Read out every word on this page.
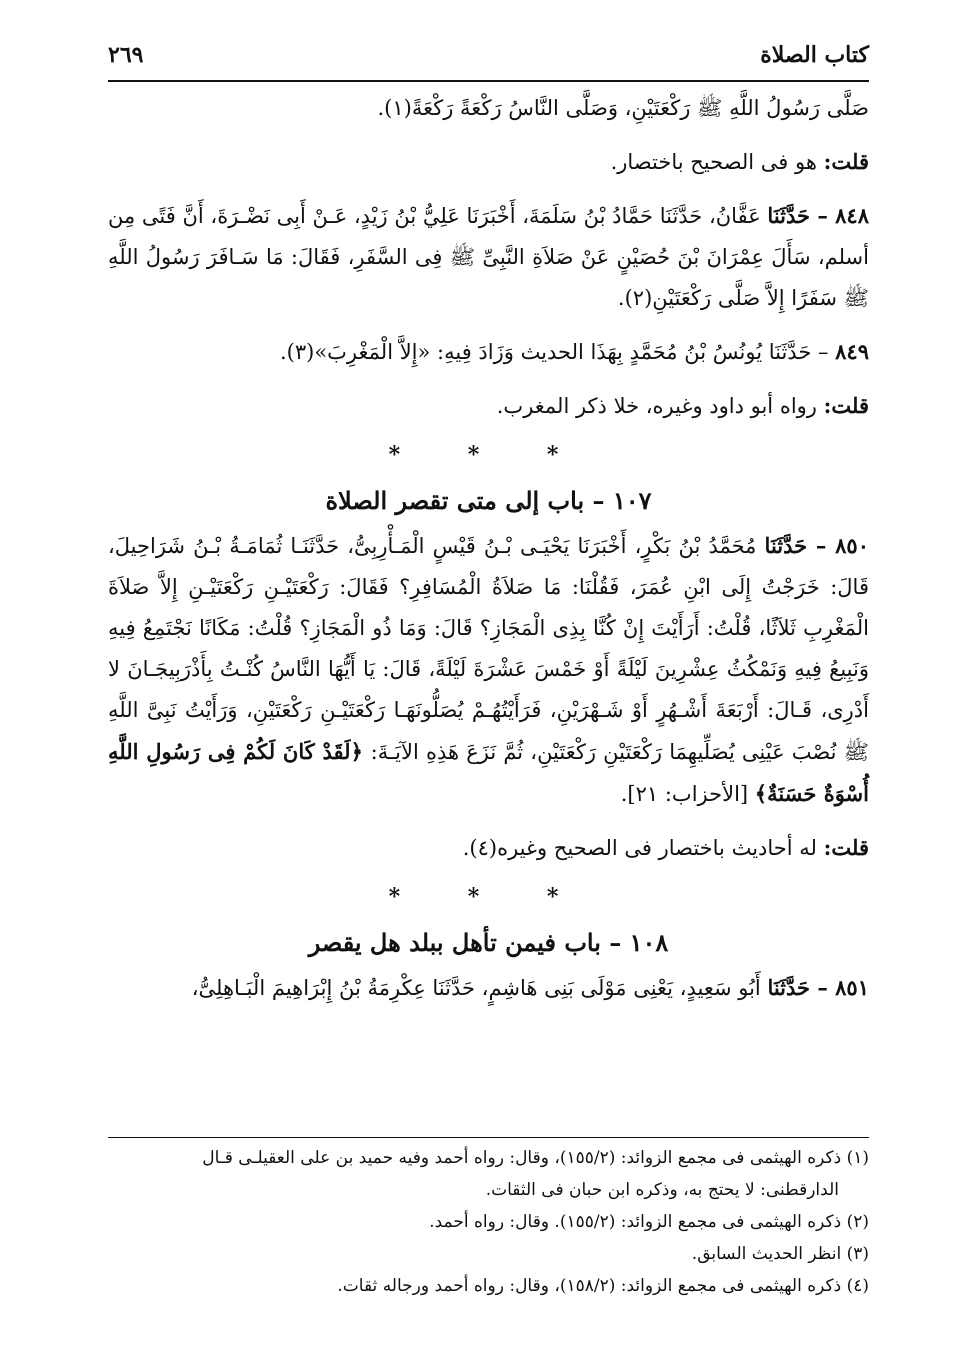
كتاب الصلاة
٢٦٩

صَلَّى رَسُولُ اللَّهِ ﷺ رَكْعَتَيْنِ، وَصَلَّى النَّاسُ رَكْعَةً رَكْعَةً(١).

قلت: هو فى الصحيح باختصار.

٨٤٨ – حَدَّثَنَا عَفَّانُ، حَدَّثَنَا حَمَّادُ بْنُ سَلَمَةَ، أَخْبَرَنَا عَلِيُّ بْنُ زَيْدٍ، عَـنْ أَبِى نَضْـرَةَ، أَنَّ فَتًى مِن أسلم، سَأَلَ عِمْرَانَ بْنَ حُصَيْنٍ عَنْ صَلاَةِ النَّبِىِّ ﷺ فِى السَّفَرِ، فَقَالَ: مَا سَـافَرَ رَسُولُ اللَّهِ ﷺ سَفَرًا إِلاَّ صَلَّى رَكْعَتَيْنِ(٢).

٨٤٩ – حَدَّثَنَا يُونُسُ بْنُ مُحَمَّدٍ بِهَذَا الحديث وَزَادَ فِيهِ: «إِلاَّ الْمَغْرِبَ»(٣).

قلت: رواه أبو داود وغيره، خلا ذكر المغرب.

* * *
١٠٧ – باب إلى متى تقصر الصلاة

٨٥٠ – حَدَّثَنَا مُحَمَّدُ بْنُ بَكْرٍ، أَخْبَرَنَا يَحْيَـى بْـنُ قَيْسٍ الْمَـأْرِبِىُّ، حَدَّثَنَـا ثُمَامَـةُ بْـنُ شَرَاحِيلَ، قَالَ: خَرَجْتُ إِلَى ابْنِ عُمَرَ، فَقُلْنَا: مَا صَلاَةُ الْمُسَافِرِ؟ فَقَالَ: رَكْعَتَيْـنِ رَكْعَتَيْـنِ إِلاَّ صَلاَةَ الْمَغْرِبِ ثَلاَثًا، قُلْتُ: أَرَأَيْتَ إِنْ كُنَّا بِذِى الْمَجَازِ؟ قَالَ: وَمَا ذُو الْمَجَازِ؟ قُلْتُ: مَكَانًا نَجْتَمِعُ فِيهِ وَنَبِيعُ فِيهِ وَنَمْكُثُ عِشْرِينَ لَيْلَةً أَوْ خَمْسَ عَشْرَةَ لَيْلَةً، قَالَ: يَا أَيُّهَا النَّاسُ كُنْـتُ بِأَذْرَبِيجَـانَ لا أَدْرِى، قَـالَ: أَرْبَعَةَ أَشْـهُرٍ أَوْ شَـهْرَيْنِ، فَرَأَيْتُهُـمْ يُصَلُّونَهَـا رَكْعَتَيْـنِ رَكْعَتَيْنِ، وَرَأَيْتُ نَبِىَّ اللَّهِ ﷺ نُصْبَ عَيْنِى يُصَلِّيهِمَا رَكْعَتَيْنِ رَكْعَتَيْنِ، ثُمَّ نَزَعَ هَذِهِ الآيَـةَ: ﴿لَقَدْ كَانَ لَكُمْ فِى رَسُولِ اللَّهِ أُسْوَةٌ حَسَنَةٌ﴾ [الأحزاب: ٢١].

قلت: له أحاديث باختصار فى الصحيح وغيره(٤).

* * *
١٠٨ – باب فيمن تأهل ببلد هل يقصر

٨٥١ – حَدَّثَنَا أَبُو سَعِيدٍ، يَعْنِى مَوْلَى بَنِى هَاشِمٍ، حَدَّثَنَا عِكْرِمَةُ بْنُ إِبْرَاهِيمَ الْبَـاهِلِىُّ،

(١) ذكره الهيثمى فى مجمع الزوائد: (١٥٥/٢)، وقال: رواه أحمد وفيه حميد بن على العقيلـى قـال

الدارقطنى: لا يحتج به، وذكره ابن حبان فى الثقات.

(٢) ذكره الهيثمى فى مجمع الزوائد: (١٥٥/٢). وقال: رواه أحمد.

(٣) انظر الحديث السابق.

(٤) ذكره الهيثمى فى مجمع الزوائد: (١٥٨/٢)، وقال: رواه أحمد ورجاله ثقات.
